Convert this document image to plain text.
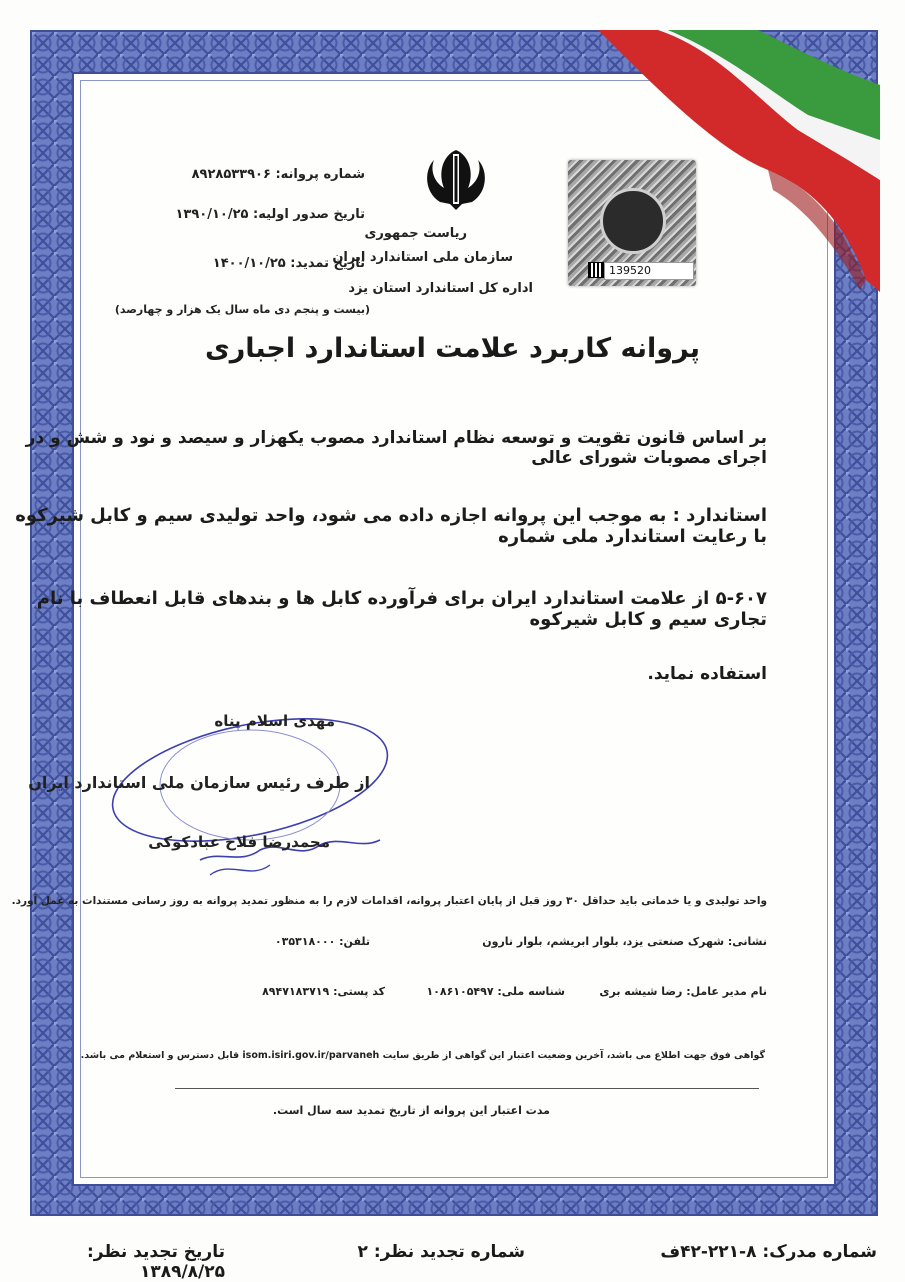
139520
شماره پروانه: ۸۹۲۸۵۳۳۹۰۶
تاریخ صدور اولیه: ۱۳۹۰/۱۰/۲۵
تاریخ تمدید: ۱۴۰۰/۱۰/۲۵
(بیست و پنجم دی ماه سال یک هزار و چهارصد)
ریاست جمهوری
سازمان ملی استاندارد ایران
اداره کل استاندارد استان یزد
پروانه کاربرد علامت استاندارد اجباری
بر اساس قانون تقویت و توسعه نظام استاندارد مصوب یکهزار و سیصد و نود و شش و در اجرای مصوبات شورای عالی
استاندارد : به موجب این پروانه اجازه داده می شود، واحد تولیدی سیم و کابل شیرکوه با رعایت استاندارد ملی شماره
۵-۶۰۷ از علامت استاندارد ایران برای فرآورده کابل ها و بندهای قابل انعطاف با نام تجاری سیم و کابل شیرکوه
استفاده نماید.
مهدی اسلام پناه
از طرف رئیس سازمان ملی استاندارد ایران
محمدرضا فلاح عبادکوکی
واحد تولیدی و یا خدماتی باید حداقل ۳۰ روز قبل از پایان اعتبار پروانه، اقدامات لازم را به منظور تمدید پروانه به روز رسانی مستندات به عمل آورد.
نشانی: شهرک صنعتی یزد، بلوار ابریشم، بلوار نارون
تلفن: ۰۳۵۳۱۸۰۰۰
نام مدیر عامل: رضا شیشه بری
شناسه ملی: ۱۰۸۶۱۰۵۴۹۷
کد پستی: ۸۹۴۷۱۸۳۷۱۹
گواهی فوق جهت اطلاع می باشد، آخرین وضعیت اعتبار این گواهی از طریق سایت isom.isiri.gov.ir/parvaneh قابل دسترس و استعلام می باشد.
مدت اعتبار این پروانه از تاریخ تمدید سه سال است.
شماره مدرک: ۸-۲۲۱-۴۲ف
شماره تجدید نظر: ۲
تاریخ تجدید نظر: ۱۳۸۹/۸/۲۵
